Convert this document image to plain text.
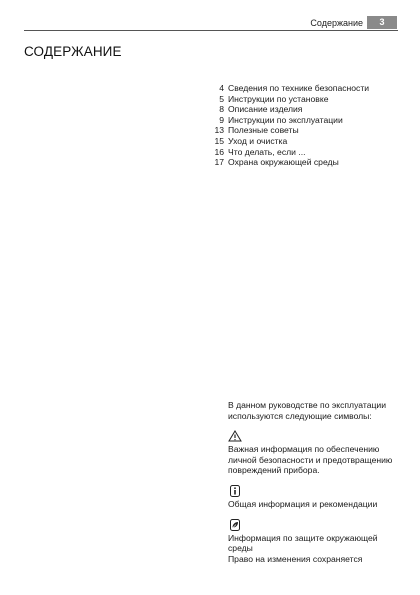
Содержание	3
СОДЕРЖАНИЕ
4 Сведения по технике безопасности
5 Инструкции по установке
8 Описание изделия
9 Инструкции по эксплуатации
13 Полезные советы
15 Уход и очистка
16 Что делать, если ...
17 Охрана окружающей среды

В данном руководстве по эксплуатации используются следующие символы:

Важная информация по обеспечению личной безопасности и предотвращению повреждений прибора.

Общая информация и рекомендации

Информация по защите окружающей среды

Право на изменения сохраняется
